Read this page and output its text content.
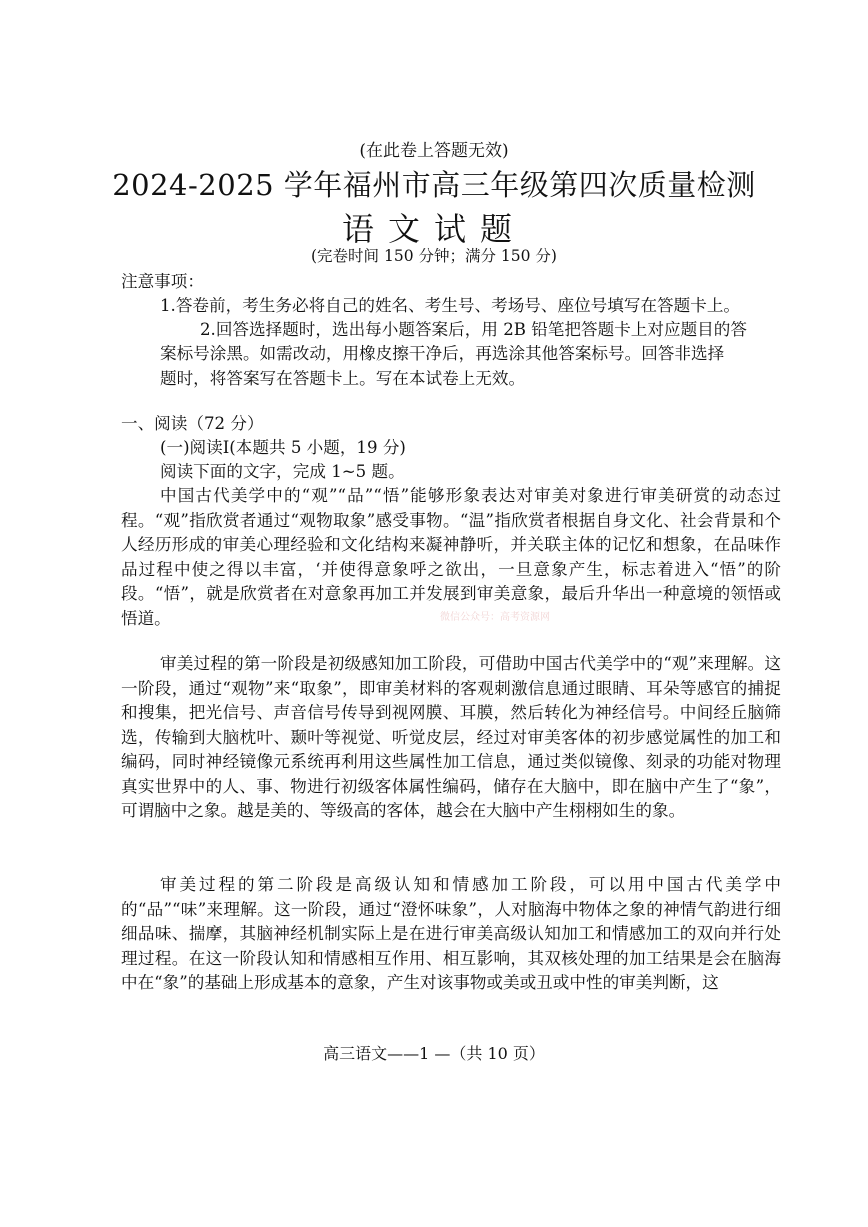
(在此卷上答题无效)
2024-2025 学年福州市高三年级第四次质量检测
语文试题
(完卷时间 150 分钟；满分 150 分)
注意事项：
1.答卷前，考生务必将自己的姓名、考生号、考场号、座位号填写在答题卡上。
2.回答选择题时，选出每小题答案后，用 2B 铅笔把答题卡上对应题目的答
案标号涂黑。如需改动，用橡皮擦干净后，再选涂其他答案标号。回答非选择
题时，将答案写在答题卡上。写在本试卷上无效。
一、阅读（72 分）
(一)阅读Ⅰ(本题共 5 小题，19 分)
阅读下面的文字，完成 1~5 题。
中国古代美学中的“观”“品”“悟”能够形象表达对审美对象进行审美研赏的动态过程。“观”指欣赏者通过“观物取象”感受事物。“温”指欣赏者根据自身文化、社会背景和个人经历形成的审美心理经验和文化结构来凝神静听，并关联主体的记忆和想象，在品味作品过程中使之得以丰富，‘并使得意象呼之欲出，一旦意象产生，标志着进入“悟”的阶段。“悟”，就是欣赏者在对意象再加工并发展到审美意象，最后升华出一种意境的领悟或悟道。
审美过程的第一阶段是初级感知加工阶段，可借助中国古代美学中的“观”来理解。这一阶段，通过“观物”来“取象”，即审美材料的客观刺激信息通过眼睛、耳朵等感官的捕捉和搜集，把光信号、声音信号传导到视网膜、耳膜，然后转化为神经信号。中间经丘脑筛选，传输到大脑枕叶、颞叶等视觉、听觉皮层，经过对审美客体的初步感觉属性的加工和编码，同时神经镜像元系统再利用这些属性加工信息，通过类似镜像、刻录的功能对物理真实世界中的人、事、物进行初级客体属性编码，储存在大脑中，即在脑中产生了“象”，可谓脑中之象。越是美的、等级高的客体，越会在大脑中产生栩栩如生的象。
审美过程的第二阶段是高级认知和情感加工阶段，可以用中国古代美学中的“品”“味”来理解。这一阶段，通过“澄怀味象”，人对脑海中物体之象的神情气韵进行细细品味、揣摩，其脑神经机制实际上是在进行审美高级认知加工和情感加工的双向并行处理过程。在这一阶段认知和情感相互作用、相互影响，其双核处理的加工结果是会在脑海中在“象”的基础上形成基本的意象，产生对该事物或美或丑或中性的审美判断，这
微信公众号：高考资源网
高三语文——1 —（共 10 页）
